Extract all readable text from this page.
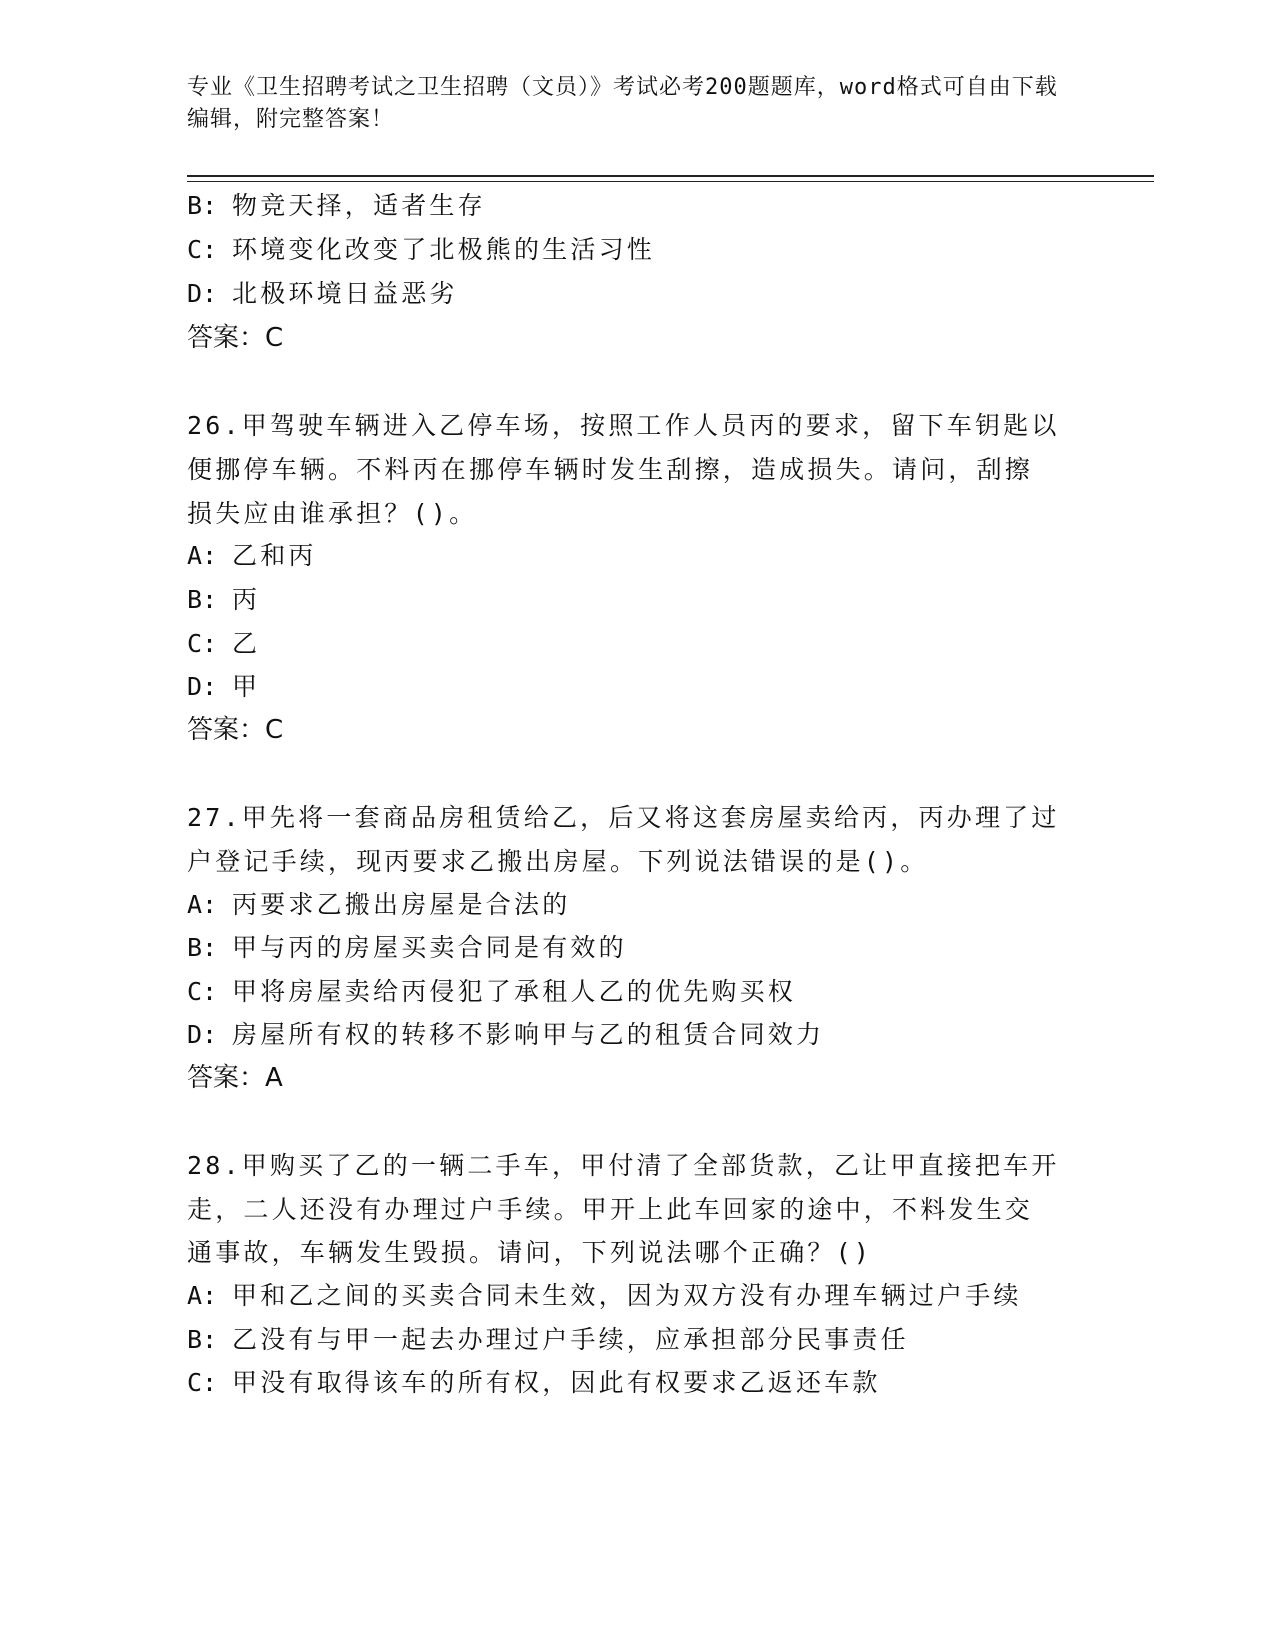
专业《卫生招聘考试之卫生招聘（文员）》考试必考200题题库，word格式可自由下载编辑，附完整答案！
B: 物竞天择，适者生存
C: 环境变化改变了北极熊的生活习性
D: 北极环境日益恶劣
答案：C
26.甲驾驶车辆进入乙停车场，按照工作人员丙的要求，留下车钥匙以
便挪停车辆。不料丙在挪停车辆时发生刮擦，造成损失。请问，刮擦
损失应由谁承担？()。
A: 乙和丙
B: 丙
C: 乙
D: 甲
答案：C
27.甲先将一套商品房租赁给乙，后又将这套房屋卖给丙，丙办理了过
户登记手续，现丙要求乙搬出房屋。下列说法错误的是()。
A: 丙要求乙搬出房屋是合法的
B: 甲与丙的房屋买卖合同是有效的
C: 甲将房屋卖给丙侵犯了承租人乙的优先购买权
D: 房屋所有权的转移不影响甲与乙的租赁合同效力
答案：A
28.甲购买了乙的一辆二手车，甲付清了全部货款，乙让甲直接把车开
走，二人还没有办理过户手续。甲开上此车回家的途中，不料发生交
通事故，车辆发生毁损。请问，下列说法哪个正确？()
A: 甲和乙之间的买卖合同未生效，因为双方没有办理车辆过户手续
B: 乙没有与甲一起去办理过户手续，应承担部分民事责任
C: 甲没有取得该车的所有权，因此有权要求乙返还车款
